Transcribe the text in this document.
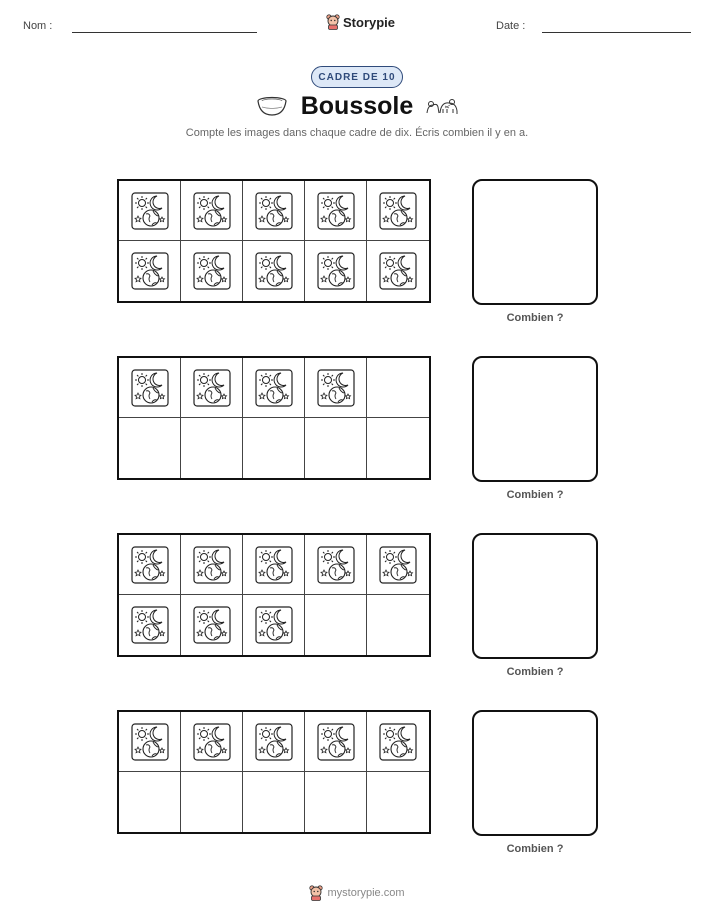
Nom :	Storypie	Date :
CADRE DE 10
Boussole
Compte les images dans chaque cadre de dix. Écris combien il y en a.
Combien ?
Combien ?
Combien ?
Combien ?
mystorypie.com
